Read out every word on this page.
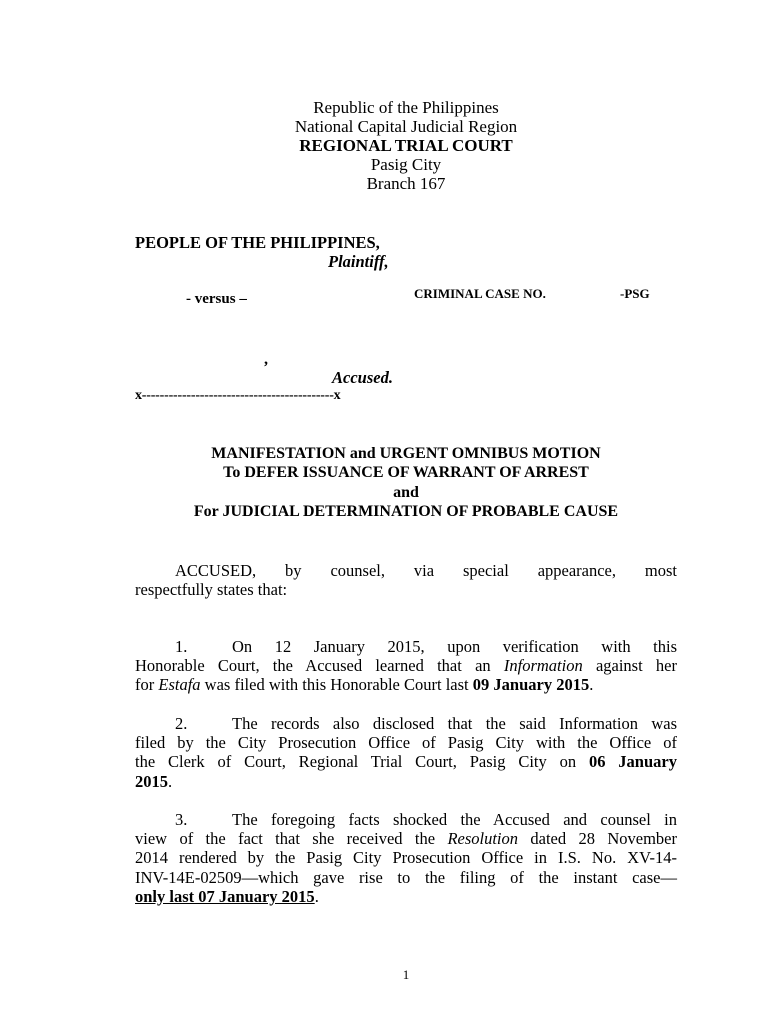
Republic of the Philippines
National Capital Judicial Region
REGIONAL TRIAL COURT
Pasig City
Branch 167
PEOPLE OF THE PHILIPPINES,
Plaintiff,
- versus –	CRIMINAL CASE NO.	-PSG
,
Accused.
x-------------------------------------------x
MANIFESTATION and URGENT OMNIBUS MOTION
To DEFER ISSUANCE OF WARRANT OF ARREST
and
For JUDICIAL DETERMINATION OF PROBABLE CAUSE
ACCUSED, by counsel, via special appearance, most
respectfully states that:
1.	On 12 January 2015, upon verification with this
Honorable Court, the Accused learned that an Information against her
for Estafa was filed with this Honorable Court last 09 January 2015.
2.	The records also disclosed that the said Information was
filed by the City Prosecution Office of Pasig City with the Office of
the Clerk of Court, Regional Trial Court, Pasig City on 06 January
2015.
3.	The foregoing facts shocked the Accused and counsel in
view of the fact that she received the Resolution dated 28 November
2014 rendered by the Pasig City Prosecution Office in I.S. No. XV-14-
INV-14E-02509—which gave rise to the filing of the instant case—
only last 07 January 2015.
1
